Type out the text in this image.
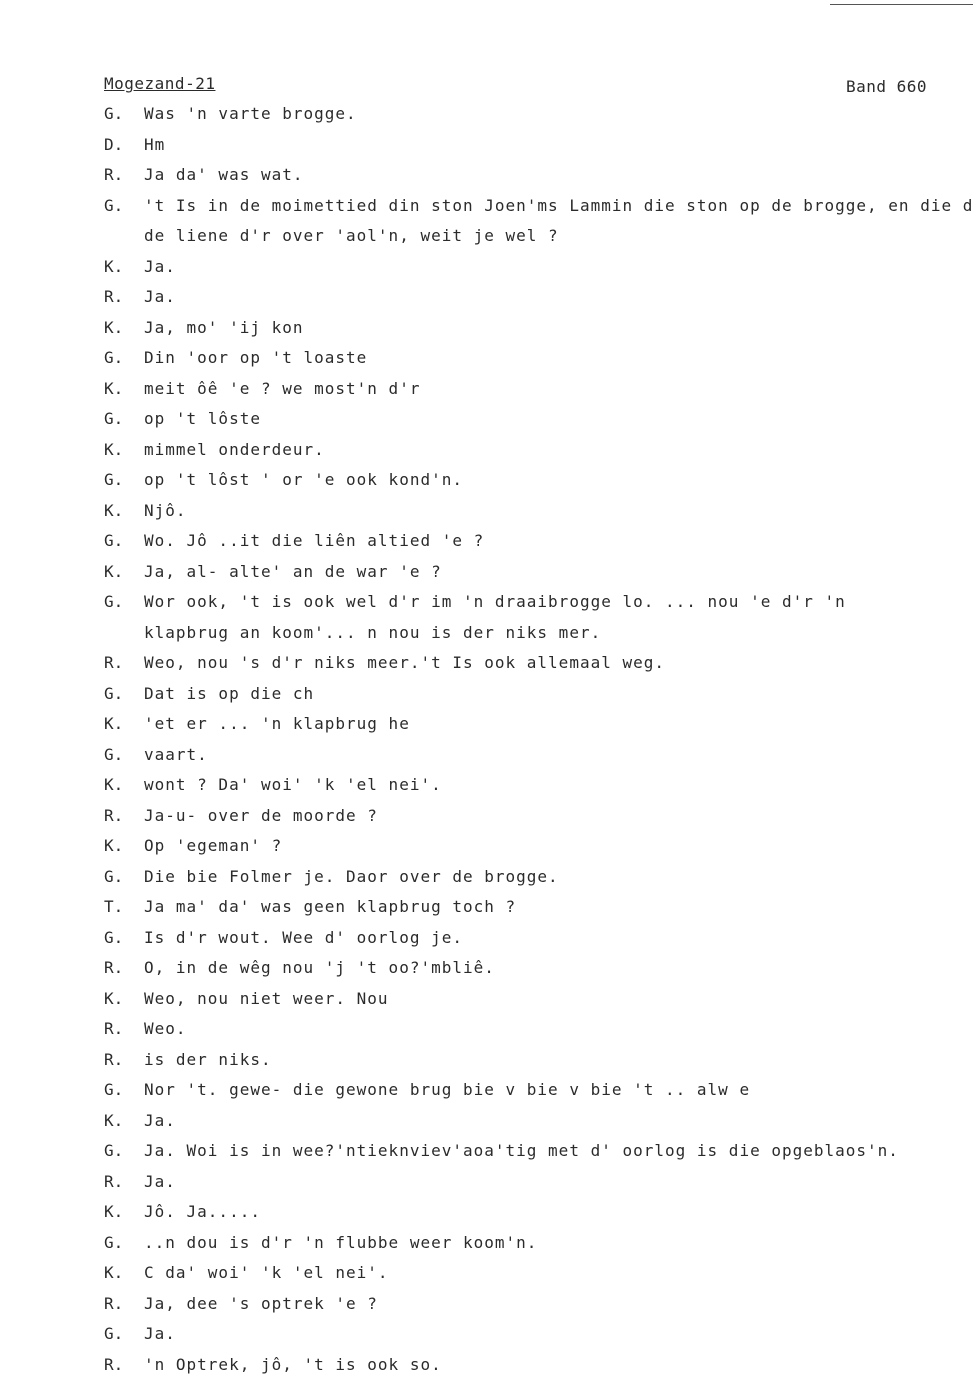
Mogezand-21	Band 660
G. Was 'n varte brogge.
D. Hm
R. Ja da' was wat.
G. 't Is in de moimettied din ston Joen'ms Lammin die ston op de brogge, en die d
de liene d'r over 'aol'n, weit je wel ?
K. Ja.
R. Ja.
K. Ja, mo' 'ij kon
G. Din 'oor op 't loaste
K. meit ôê 'e ? we most'n d'r
G. op 't lôste
K. mimmel onderdeur.
G. op 't lôst ' or 'e ook kond'n.
K. Njô.
G. Wo. Jô ..it die liên altied 'e ?
K. Ja, al- alte' an de war 'e ?
G. Wor ook, 't is ook wel d'r im 'n draaibrogge lo. ... nou 'e d'r 'n
klapbrug an koom'... n nou is der niks mer.
R. Weo, nou 's d'r niks meer.'t Is ook allemaal weg.
G. Dat is op die ch
K. 'et er ... 'n klapbrug he
G. vaart.
K. wont ? Da' woi' 'k 'el nei'.
R. Ja-u- over de moorde ?
K. Op 'egeman' ?
G. Die bie Folmer je. Daor over de brogge.
T. Ja ma' da' was geen klapbrug toch ?
G. Is d'r wout. Wee d' oorlog je.
R. O, in de wêg nou 'j 't oo?'mbliê.
K. Weo, nou niet weer. Nou
R. Weo.
R. is der niks.
G. Nor 't. gewe- die gewone brug bie v bie v bie 't .. alw e
K. Ja.
G. Ja. Woi is in wee?'ntieknviev'aoa'tig met d' oorlog is die opgeblaos'n.
R. Ja.
K. Jô. Ja.....
G. ..n dou is d'r 'n flubbe weer koom'n.
K. C da' woi' 'k 'el nei'.
R. Ja, dee 's optrek 'e ?
G. Ja.
R. 'n Optrek, jô, 't is ook so.
